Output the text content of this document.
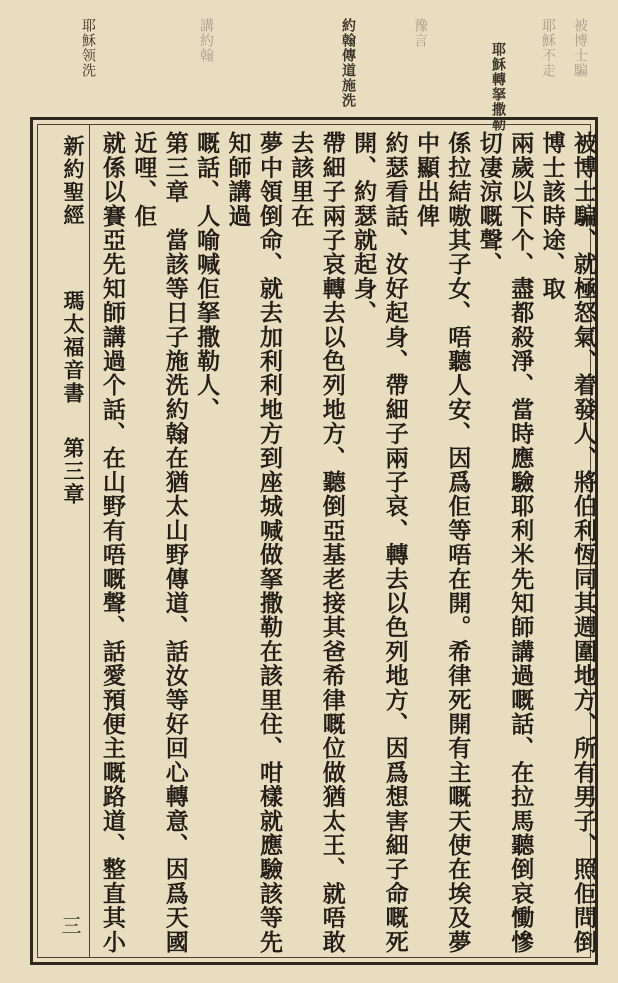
被博士騙
耶穌不走
耶穌轉拏撒勒
豫言
約翰傳道施洗
講約翰
耶穌领洗
新約聖經 瑪太福音書 第三章
三	被博士騙、就極怒氣、着發人、將伯利恆同其週圍地方、所有男子、照佢問倒博士該時途、取

兩歲以下个、盡都殺淨、當時應驗耶利米先知師講過嘅話、在拉馬聽倒哀慟慘切凄涼嘅聲、

係拉結嗷其子女、唔聽人安、因爲佢等唔在開。希律死開有主嘅天使在埃及夢中顯出俾

約瑟看話、汝好起身、帶細子兩子哀、轉去以色列地方、因爲想害細子命嘅死開、約瑟就起身、

帶細子兩子哀轉去以色列地方、聽倒亞基老接其爸希律嘅位做猶太王、就唔敢去該里在

夢中領倒命、就去加利利地方到座城喊做拏撒勒在該里住、咁樣就應驗該等先知師講過

嘅話、人喻喊佢拏撒勒人、

第三章　當該等日子施洗約翰在猶太山野傳道、話汝等好回心轉意、因爲天國近哩、佢

就係以賽亞先知師講過个話、在山野有唔嘅聲、話愛預便主嘅路道、整直其小
